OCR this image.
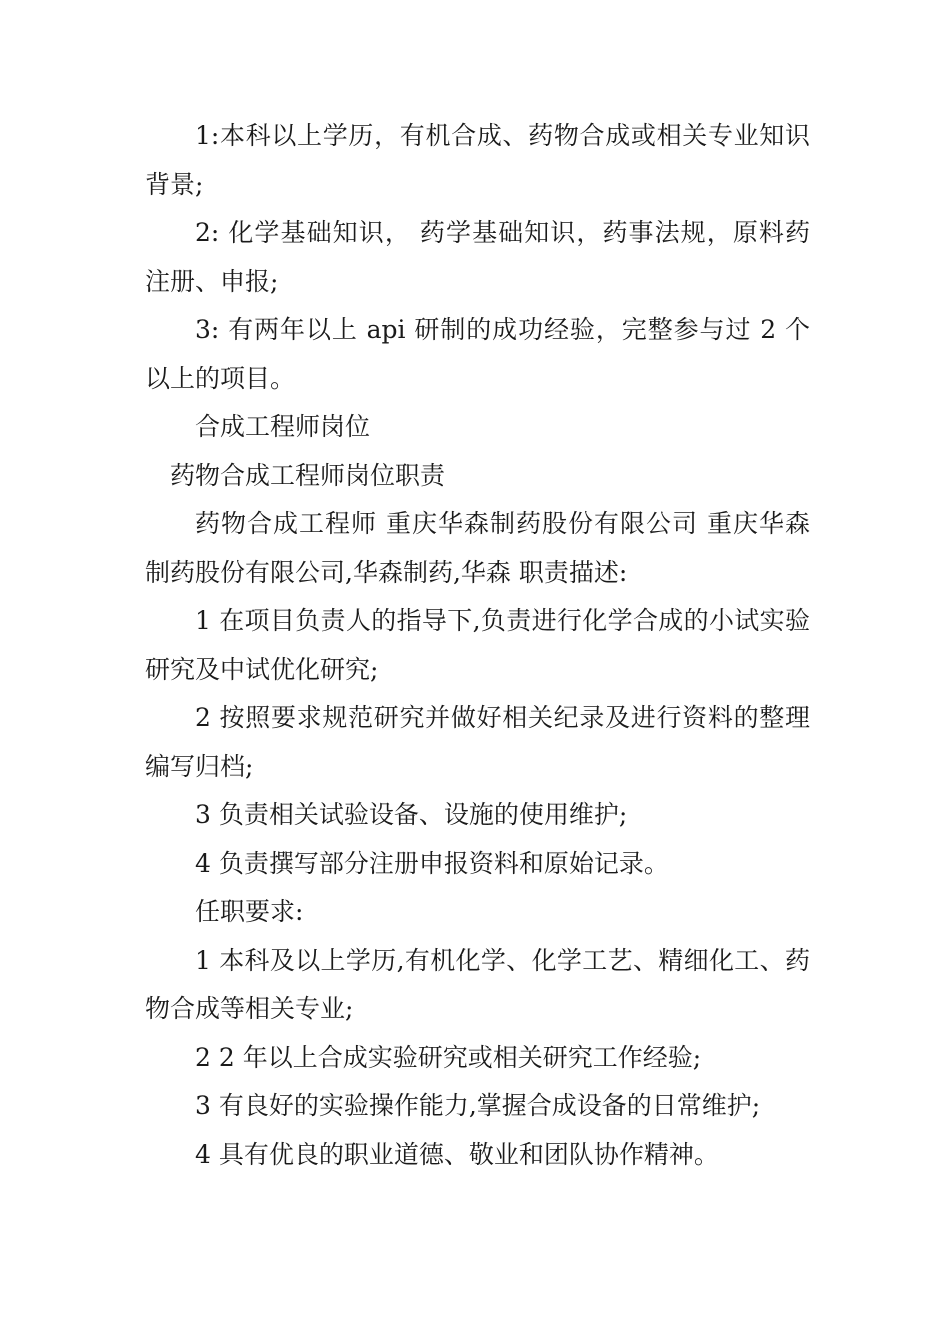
1:本科以上学历，有机合成、药物合成或相关专业知识背景;

2: 化学基础知识， 药学基础知识，药事法规，原料药注册、申报;

3: 有两年以上 api 研制的成功经验，完整参与过 2 个以上的项目。

合成工程师岗位

药物合成工程师岗位职责

药物合成工程师 重庆华森制药股份有限公司 重庆华森制药股份有限公司,华森制药,华森 职责描述:

1 在项目负责人的指导下,负责进行化学合成的小试实验研究及中试优化研究;

2 按照要求规范研究并做好相关纪录及进行资料的整理编写归档;

3 负责相关试验设备、设施的使用维护;

4 负责撰写部分注册申报资料和原始记录。

任职要求:

1 本科及以上学历,有机化学、化学工艺、精细化工、药物合成等相关专业;

2 2 年以上合成实验研究或相关研究工作经验;

3 有良好的实验操作能力,掌握合成设备的日常维护;

4 具有优良的职业道德、敬业和团队协作精神。
